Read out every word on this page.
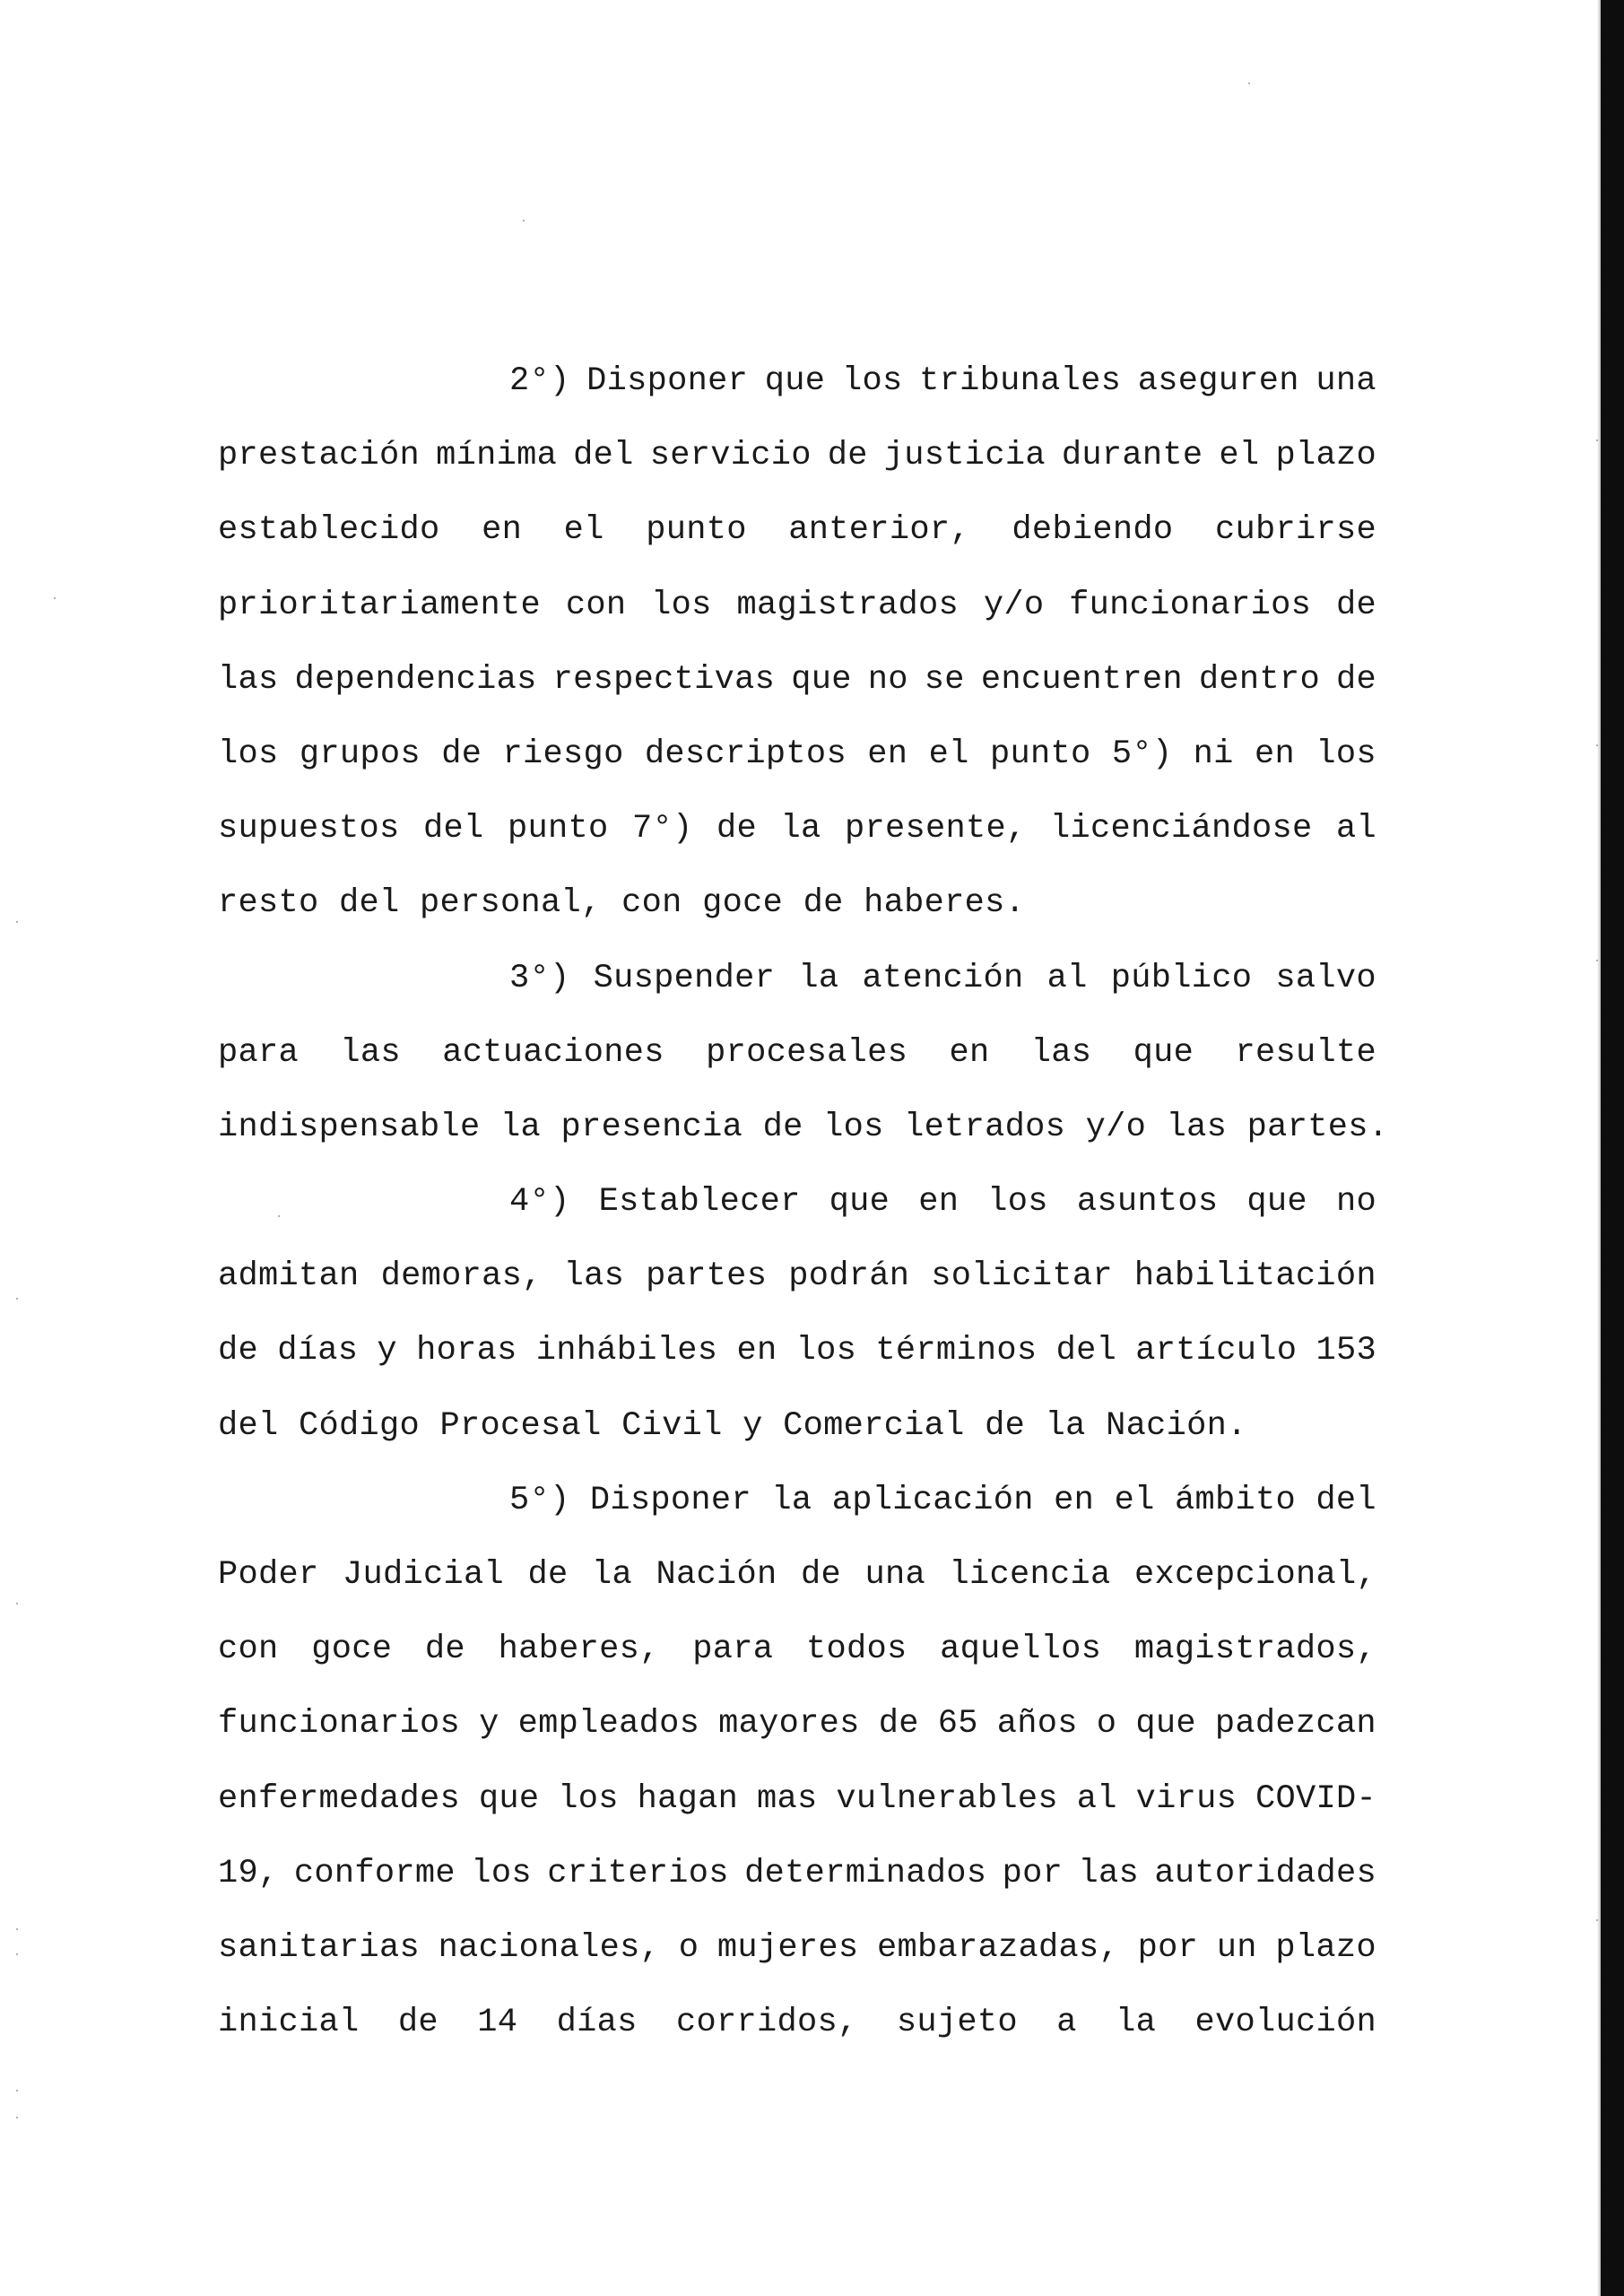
2°) Disponer que los tribunales aseguren una
prestación mínima del servicio de justicia durante el plazo
establecido en el punto anterior, debiendo cubrirse
prioritariamente con los magistrados y/o funcionarios de
las dependencias respectivas que no se encuentren dentro de
los grupos de riesgo descriptos en el punto 5°) ni en los
supuestos del punto 7°) de la presente, licenciándose al
resto del personal, con goce de haberes.
3°) Suspender la atención al público salvo
para las actuaciones procesales en las que resulte
indispensable la presencia de los letrados y/o las partes.
4°) Establecer que en los asuntos que no
admitan demoras, las partes podrán solicitar habilitación
de días y horas inhábiles en los términos del artículo 153
del Código Procesal Civil y Comercial de la Nación.
5°) Disponer la aplicación en el ámbito del
Poder Judicial de la Nación de una licencia excepcional,
con goce de haberes, para todos aquellos magistrados,
funcionarios y empleados mayores de 65 años o que padezcan
enfermedades que los hagan mas vulnerables al virus COVID-
19, conforme los criterios determinados por las autoridades
sanitarias nacionales, o mujeres embarazadas, por un plazo
inicial de 14 días corridos, sujeto a la evolución
